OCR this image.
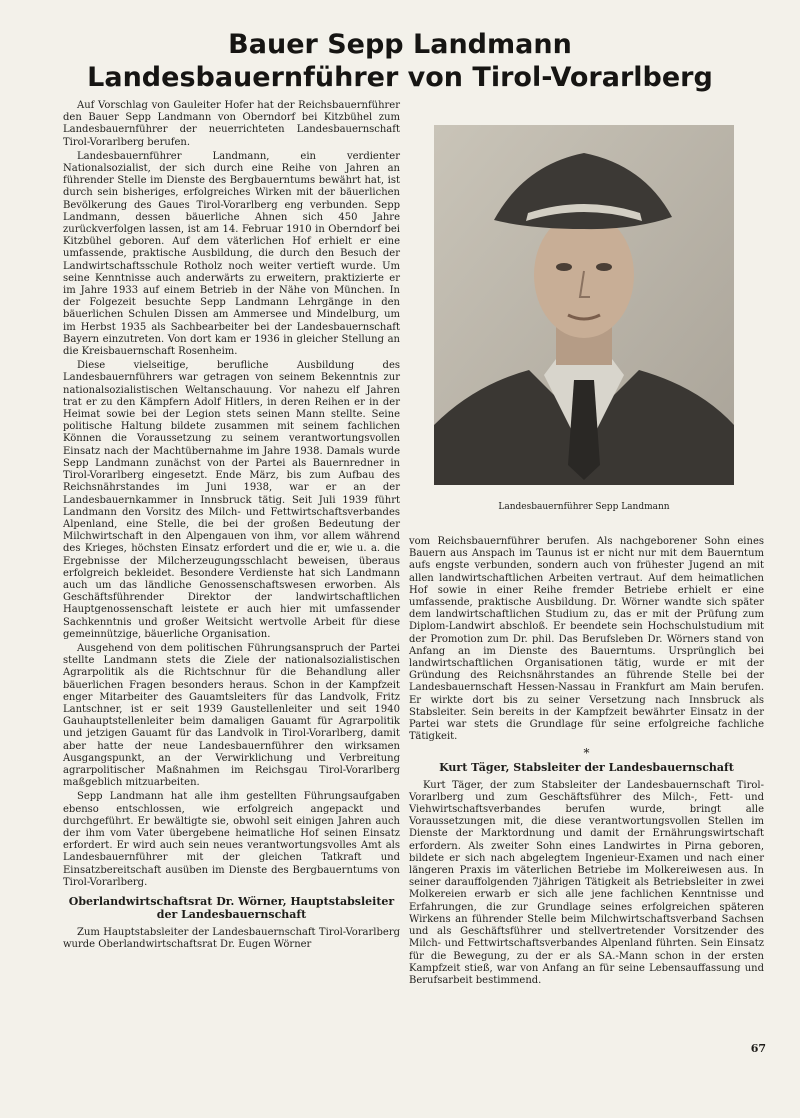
Bauer Sepp Landmann
Landesbauernführer von Tirol-Vorarlberg

Auf Vorschlag von Gauleiter Hofer hat der Reichsbauernführer den Bauer Sepp Landmann von Oberndorf bei Kitzbühel zum Landesbauernführer der neuerrichteten Landesbauernschaft Tirol-Vorarlberg berufen.

Landesbauernführer Landmann, ein verdienter Nationalsozialist, der sich durch eine Reihe von Jahren an führender Stelle im Dienste des Bergbauerntums bewährt hat, ist durch sein bisheriges, erfolgreiches Wirken mit der bäuerlichen Bevölkerung des Gaues Tirol-Vorarlberg eng verbunden. Sepp Landmann, dessen bäuerliche Ahnen sich 450 Jahre zurückverfolgen lassen, ist am 14. Februar 1910 in Oberndorf bei Kitzbühel geboren. Auf dem väterlichen Hof erhielt er eine umfassende, praktische Ausbildung, die durch den Besuch der Landwirtschaftsschule Rotholz noch weiter vertieft wurde. Um seine Kenntnisse auch anderwärts zu erweitern, praktizierte er im Jahre 1933 auf einem Betrieb in der Nähe von München. In der Folgezeit besuchte Sepp Landmann Lehrgänge in den bäuerlichen Schulen Dissen am Ammersee und Mindelburg, um im Herbst 1935 als Sachbearbeiter bei der Landesbauernschaft Bayern einzutreten. Von dort kam er 1936 in gleicher Stellung an die Kreisbauernschaft Rosenheim.

Diese vielseitige, berufliche Ausbildung des Landesbauernführers war getragen von seinem Bekenntnis zur nationalsozialistischen Weltanschauung. Vor nahezu elf Jahren trat er zu den Kämpfern Adolf Hitlers, in deren Reihen er in der Heimat sowie bei der Legion stets seinen Mann stellte. Seine politische Haltung bildete zusammen mit seinem fachlichen Können die Voraussetzung zu seinem verantwortungsvollen Einsatz nach der Machtübernahme im Jahre 1938. Damals wurde Sepp Landmann zunächst von der Partei als Bauernredner in Tirol-Vorarlberg eingesetzt. Ende März, bis zum Aufbau des Reichsnährstandes im Juni 1938, war er an der Landesbauernkammer in Innsbruck tätig. Seit Juli 1939 führt Landmann den Vorsitz des Milch- und Fettwirtschaftsverbandes Alpenland, eine Stelle, die bei der großen Bedeutung der Milchwirtschaft in den Alpengauen von ihm, vor allem während des Krieges, höchsten Einsatz erfordert und die er, wie u. a. die Ergebnisse der Milcherzeugungsschlacht beweisen, überaus erfolgreich bekleidet. Besondere Verdienste hat sich Landmann auch um das ländliche Genossenschaftswesen erworben. Als Geschäftsführender Direktor der landwirtschaftlichen Hauptgenossenschaft leistete er auch hier mit umfassender Sachkenntnis und großer Weitsicht wertvolle Arbeit für diese gemeinnützige, bäuerliche Organisation.

Ausgehend von dem politischen Führungsanspruch der Partei stellte Landmann stets die Ziele der nationalsozialistischen Agrarpolitik als die Richtschnur für die Behandlung aller bäuerlichen Fragen besonders heraus. Schon in der Kampfzeit enger Mitarbeiter des Gauamtsleiters für das Landvolk, Fritz Lantschner, ist er seit 1939 Gaustellenleiter und seit 1940 Gauhauptstellenleiter beim damaligen Gauamt für Agrarpolitik und jetzigen Gauamt für das Landvolk in Tirol-Vorarlberg, damit aber hatte der neue Landesbauernführer den wirksamen Ausgangspunkt, an der Verwirklichung und Verbreitung agrarpolitischer Maßnahmen im Reichsgau Tirol-Vorarlberg maßgeblich mitzuarbeiten.

Sepp Landmann hat alle ihm gestellten Führungsaufgaben ebenso entschlossen, wie erfolgreich angepackt und durchgeführt. Er bewältigte sie, obwohl seit einigen Jahren auch der ihm vom Vater übergebene heimatliche Hof seinen Einsatz erfordert. Er wird auch sein neues verantwortungsvolles Amt als Landesbauernführer mit der gleichen Tatkraft und Einsatzbereitschaft ausüben im Dienste des Bergbauerntums von Tirol-Vorarlberg.

Oberlandwirtschaftsrat Dr. Wörner, Hauptstabsleiter der Landesbauernschaft

Zum Hauptstabsleiter der Landesbauernschaft Tirol-Vorarlberg wurde Oberlandwirtschaftsrat Dr. Eugen Wörner

Landesbauernführer Sepp Landmann

vom Reichsbauernführer berufen. Als nachgeborener Sohn eines Bauern aus Anspach im Taunus ist er nicht nur mit dem Bauerntum aufs engste verbunden, sondern auch von frühester Jugend an mit allen landwirtschaftlichen Arbeiten vertraut. Auf dem heimatlichen Hof sowie in einer Reihe fremder Betriebe erhielt er eine umfassende, praktische Ausbildung. Dr. Wörner wandte sich später dem landwirtschaftlichen Studium zu, das er mit der Prüfung zum Diplom-Landwirt abschloß. Er beendete sein Hochschulstudium mit der Promotion zum Dr. phil. Das Berufsleben Dr. Wörners stand von Anfang an im Dienste des Bauerntums. Ursprünglich bei landwirtschaftlichen Organisationen tätig, wurde er mit der Gründung des Reichsnährstandes an führende Stelle bei der Landesbauernschaft Hessen-Nassau in Frankfurt am Main berufen. Er wirkte dort bis zu seiner Versetzung nach Innsbruck als Stabsleiter. Sein bereits in der Kampfzeit bewährter Einsatz in der Partei war stets die Grundlage für seine erfolgreiche fachliche Tätigkeit.

*
Kurt Täger, Stabsleiter der Landesbauernschaft

Kurt Täger, der zum Stabsleiter der Landesbauernschaft Tirol-Vorarlberg und zum Geschäftsführer des Milch-, Fett- und Viehwirtschaftsverbandes berufen wurde, bringt alle Voraussetzungen mit, die diese verantwortungsvollen Stellen im Dienste der Marktordnung und damit der Ernährungswirtschaft erfordern. Als zweiter Sohn eines Landwirtes in Pirna geboren, bildete er sich nach abgelegtem Ingenieur-Examen und nach einer längeren Praxis im väterlichen Betriebe im Molkereiwesen aus. In seiner darauffolgenden 7jährigen Tätigkeit als Betriebsleiter in zwei Molkereien erwarb er sich alle jene fachlichen Kenntnisse und Erfahrungen, die zur Grundlage seines erfolgreichen späteren Wirkens an führender Stelle beim Milchwirtschaftsverband Sachsen und als Geschäftsführer und stellvertretender Vorsitzender des Milch- und Fettwirtschaftsverbandes Alpenland führten. Sein Einsatz für die Bewegung, zu der er als SA.-Mann schon in der ersten Kampfzeit stieß, war von Anfang an für seine Lebensauffassung und Berufsarbeit bestimmend.

67
